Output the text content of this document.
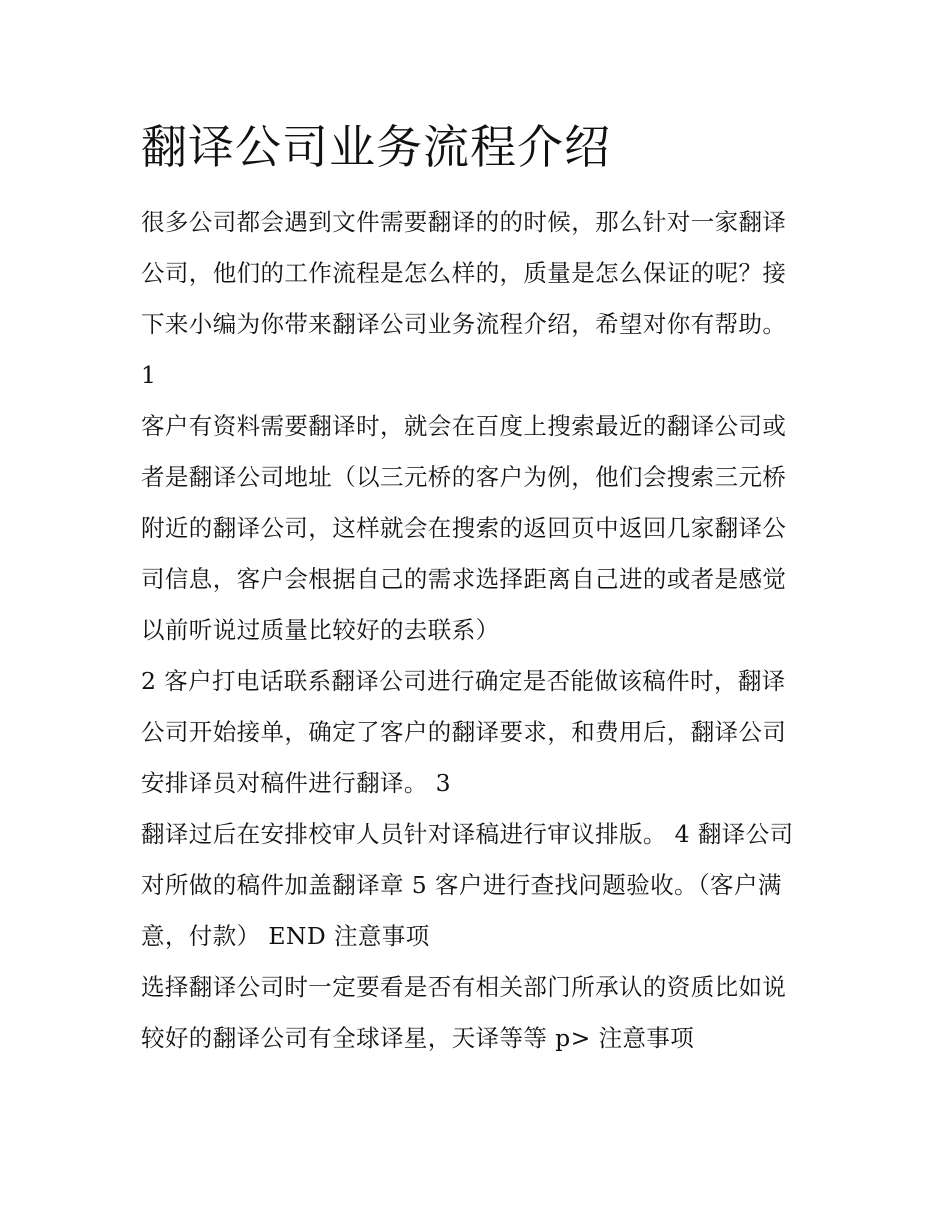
翻译公司业务流程介绍
很多公司都会遇到文件需要翻译的的时候，那么针对一家翻译
公司，他们的工作流程是怎么样的，质量是怎么保证的呢？接
下来小编为你带来翻译公司业务流程介绍，希望对你有帮助。
1
客户有资料需要翻译时，就会在百度上搜索最近的翻译公司或
者是翻译公司地址（以三元桥的客户为例，他们会搜索三元桥
附近的翻译公司，这样就会在搜索的返回页中返回几家翻译公
司信息，客户会根据自己的需求选择距离自己进的或者是感觉
以前听说过质量比较好的去联系）
2 客户打电话联系翻译公司进行确定是否能做该稿件时，翻译
公司开始接单，确定了客户的翻译要求，和费用后，翻译公司
安排译员对稿件进行翻译。 3
翻译过后在安排校审人员针对译稿进行审议排版。 4 翻译公司
对所做的稿件加盖翻译章 5 客户进行查找问题验收。（客户满
意，付款） END 注意事项
选择翻译公司时一定要看是否有相关部门所承认的资质比如说
较好的翻译公司有全球译星，天译等等 p> 注意事项
